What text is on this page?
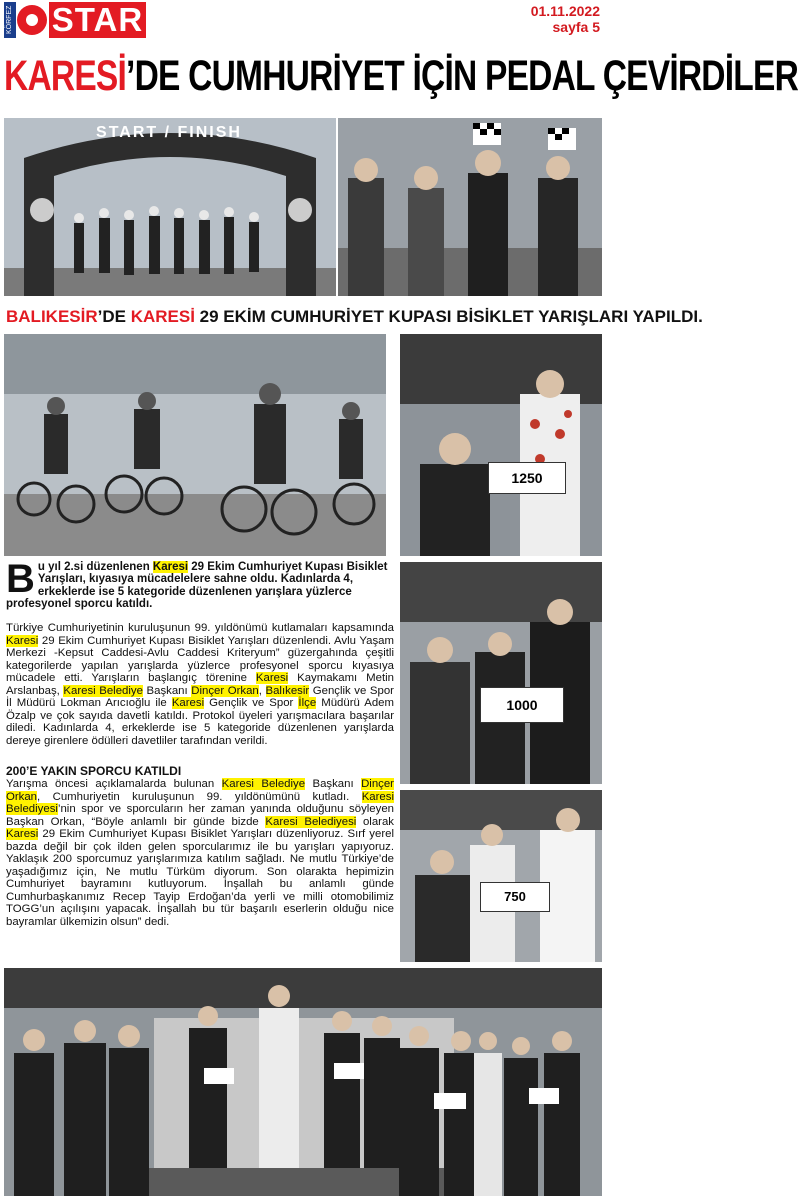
KÖRFEZ STAR	01.11.2022
sayfa 5
KARESİ’DE CUMHURİYET İÇİN PEDAL ÇEVİRDİLER
START / FINISH
BALIKESİR’DE KARESİ 29 EKİM CUMHURİYET KUPASI BİSİKLET YARIŞLARI YAPILDI.
1250
1000
750
Bu yıl 2.si düzenlenen Karesi 29 Ekim Cumhuriyet Kupası Bisiklet Yarışları, kıyasıya mücadelelere sahne oldu. Kadınlarda 4, erkeklerde ise 5 kategoride düzenlenen yarışlara yüzlerce profesyonel sporcu katıldı.
Türkiye Cumhuriyetinin kuruluşunun 99. yıldönümü kutlamaları kapsamında Karesi 29 Ekim Cumhuriyet Kupası Bisiklet Yarışları düzenlendi. Avlu Yaşam Merkezi -Kepsut Caddesi-Avlu Caddesi Kriteryum” güzergahında çeşitli kategorilerde yapılan yarışlarda yüzlerce profesyonel sporcu kıyasıya mücadele etti. Yarışların başlangıç törenine Karesi Kaymakamı Metin Arslanbaş, Karesi Belediye Başkanı Dinçer Orkan, Balıkesir Gençlik ve Spor İl Müdürü Lokman Arıcıoğlu ile Karesi Gençlik ve Spor İlçe Müdürü Adem Özalp ve çok sayıda davetli katıldı. Protokol üyeleri yarışmacılara başarılar diledi. Kadınlarda 4, erkeklerde ise 5 kategoride düzenlenen yarışlarda dereye girenlere ödülleri davetliler tarafından verildi.
200’E YAKIN SPORCU KATILDI
Yarışma öncesi açıklamalarda bulunan Karesi Belediye Başkanı Dinçer Orkan, Cumhuriyetin kuruluşunun 99. yıldönümünü kutladı. Karesi Belediyesi’nin spor ve sporcuların her zaman yanında olduğunu söyleyen Başkan Orkan, “Böyle anlamlı bir günde bizde Karesi Belediyesi olarak Karesi 29 Ekim Cumhuriyet Kupası Bisiklet Yarışları düzenliyoruz. Sırf yerel bazda değil bir çok ilden gelen sporcularımız ile bu yarışları yapıyoruz. Yaklaşık 200 sporcumuz yarışlarımıza katılım sağladı. Ne mutlu Türkiye’de yaşadığımız için, Ne mutlu Türküm diyorum. Son olarakta hepimizin Cumhuriyet bayramını kutluyorum. İnşallah bu anlamlı günde Cumhurbaşkanımız Recep Tayip Erdoğan’da yerli ve milli otomobilimiz TOGG’un açılışını yapacak. İnşallah bu tür başarılı eserlerin olduğu nice bayramlar ülkemizin olsun” dedi.
